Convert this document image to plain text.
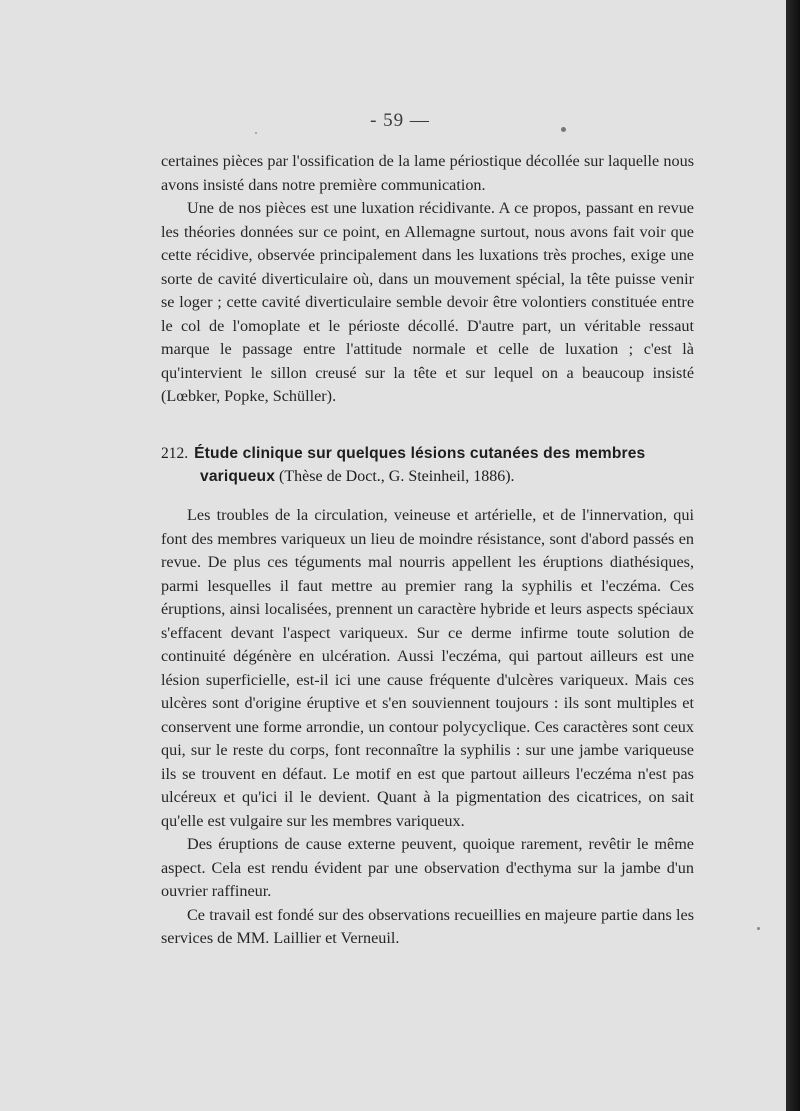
- 59 —

certaines pièces par l'ossification de la lame périostique décollée sur laquelle nous avons insisté dans notre première communication.

Une de nos pièces est une luxation récidivante. A ce propos, passant en revue les théories données sur ce point, en Allemagne surtout, nous avons fait voir que cette récidive, observée principalement dans les luxations très proches, exige une sorte de cavité diverticulaire où, dans un mouvement spécial, la tête puisse venir se loger ; cette cavité diverticulaire semble devoir être volontiers constituée entre le col de l'omoplate et le périoste décollé. D'autre part, un véritable ressaut marque le passage entre l'attitude normale et celle de luxation ; c'est là qu'intervient le sillon creusé sur la tête et sur lequel on a beaucoup insisté (Lœbker, Popke, Schüller).

212. Étude clinique sur quelques lésions cutanées des membres
variqueux (Thèse de Doct., G. Steinheil, 1886).

Les troubles de la circulation, veineuse et artérielle, et de l'innervation, qui font des membres variqueux un lieu de moindre résistance, sont d'abord passés en revue. De plus ces téguments mal nourris appellent les éruptions diathésiques, parmi lesquelles il faut mettre au premier rang la syphilis et l'eczéma. Ces éruptions, ainsi localisées, prennent un caractère hybride et leurs aspects spéciaux s'effacent devant l'aspect variqueux. Sur ce derme infirme toute solution de continuité dégénère en ulcération. Aussi l'eczéma, qui partout ailleurs est une lésion superficielle, est-il ici une cause fréquente d'ulcères variqueux. Mais ces ulcères sont d'origine éruptive et s'en souviennent toujours : ils sont multiples et conservent une forme arrondie, un contour polycyclique. Ces caractères sont ceux qui, sur le reste du corps, font reconnaître la syphilis : sur une jambe variqueuse ils se trouvent en défaut. Le motif en est que partout ailleurs l'eczéma n'est pas ulcéreux et qu'ici il le devient. Quant à la pigmentation des cicatrices, on sait qu'elle est vulgaire sur les membres variqueux.

Des éruptions de cause externe peuvent, quoique rarement, revêtir le même aspect. Cela est rendu évident par une observation d'ecthyma sur la jambe d'un ouvrier raffineur.

Ce travail est fondé sur des observations recueillies en majeure partie dans les services de MM. Laillier et Verneuil.
